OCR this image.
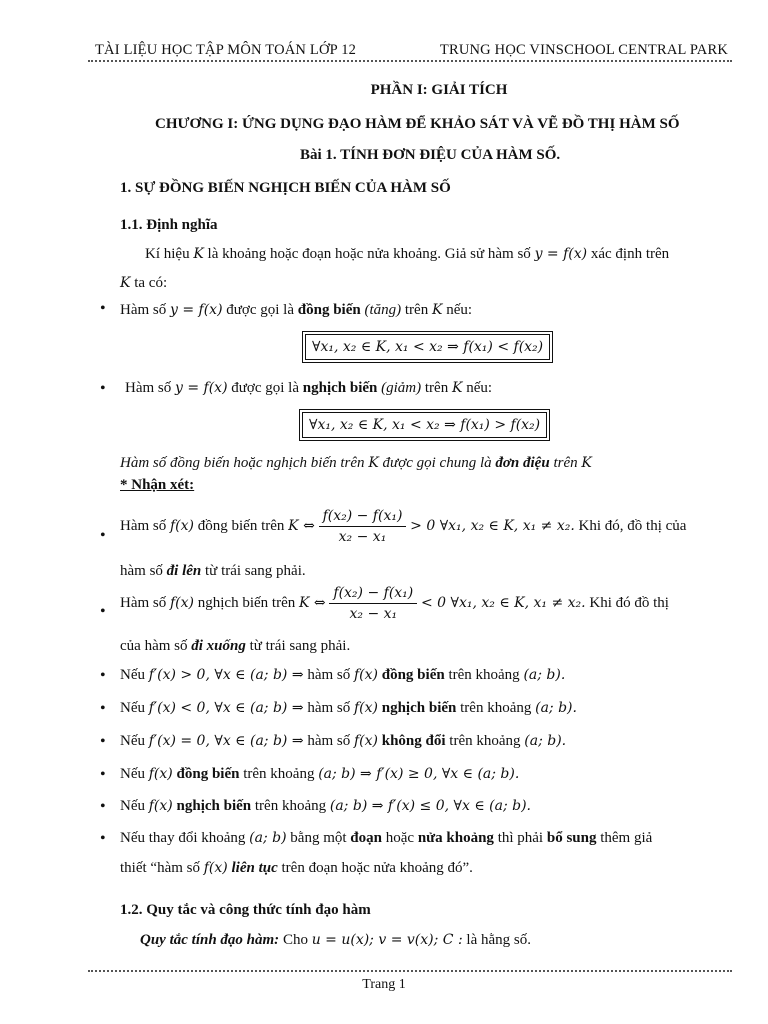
TÀI LIỆU HỌC TẬP MÔN TOÁN LỚP 12	TRUNG HỌC VINSCHOOL CENTRAL PARK
PHẦN I: GIẢI TÍCH
CHƯƠNG I: ỨNG DỤNG ĐẠO HÀM ĐỂ KHẢO SÁT VÀ VẼ ĐỒ THỊ HÀM SỐ
Bài 1. TÍNH ĐƠN ĐIỆU CỦA HÀM SỐ.
1. SỰ ĐỒNG BIẾN NGHỊCH BIẾN CỦA HÀM SỐ
1.1. Định nghĩa
Kí hiệu K là khoảng hoặc đoạn hoặc nửa khoảng. Giả sử hàm số y = f(x) xác định trên
K ta có:
• Hàm số y = f(x) được gọi là đồng biến (tăng) trên K nếu:
∀x₁, x₂ ∈ K, x₁ < x₂ ⇒ f(x₁) < f(x₂)
• Hàm số y = f(x) được gọi là nghịch biến (giảm) trên K nếu:
∀x₁, x₂ ∈ K, x₁ < x₂ ⇒ f(x₁) > f(x₂)
Hàm số đồng biến hoặc nghịch biến trên K được gọi chung là đơn điệu trên K
* Nhận xét:
•
Hàm số f(x) đồng biến trên K ⇔ $\frac{\text{f(x₂) − f(x₁)}}{\text{x₂ − x₁}} > 0$ ∀x₁, x₂ ∈ K, x₁ ≠ x₂. Khi đó, đồ thị của
hàm số đi lên từ trái sang phải.
•
Hàm số f(x) nghịch biến trên K ⇔ $\frac{\text{f(x₂) − f(x₁)}}{\text{x₂ − x₁}} < 0$ ∀x₁, x₂ ∈ K, x₁ ≠ x₂. Khi đó đồ thị
của hàm số đi xuống từ trái sang phải.
• Nếu f′(x) > 0, ∀x ∈ (a; b) ⇒ hàm số f(x) đồng biến trên khoảng (a; b).
• Nếu f′(x) < 0, ∀x ∈ (a; b) ⇒ hàm số f(x) nghịch biến trên khoảng (a; b).
• Nếu f′(x) = 0, ∀x ∈ (a; b) ⇒ hàm số f(x) không đổi trên khoảng (a; b).
• Nếu f(x) đồng biến trên khoảng (a; b) ⇒ f′(x) ≥ 0, ∀x ∈ (a; b).
• Nếu f(x) nghịch biến trên khoảng (a; b) ⇒ f′(x) ≤ 0, ∀x ∈ (a; b).
• Nếu thay đổi khoảng (a; b) bằng một đoạn hoặc nửa khoảng thì phải bổ sung thêm giả
thiết “hàm số f(x) liên tục trên đoạn hoặc nửa khoảng đó”.
1.2. Quy tắc và công thức tính đạo hàm
Quy tắc tính đạo hàm: Cho u = u(x); v = v(x); C : là hằng số.
Trang 1
